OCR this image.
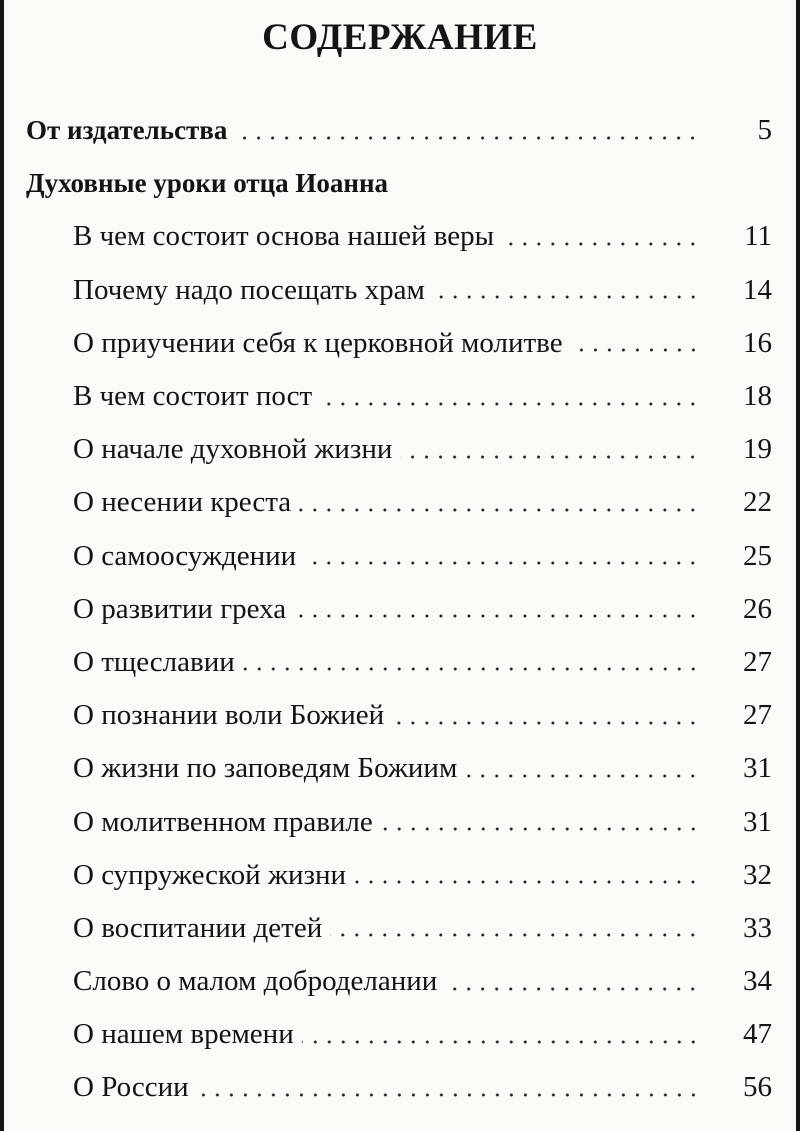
СОДЕРЖАНИЕ
От издательства	5
Духовные уроки отца Иоанна
В чем состоит основа нашей веры	11
Почему надо посещать храм	14
О приучении себя к церковной молитве	16
В чем состоит пост	18
О начале духовной жизни	19
О несении креста	22
О самоосуждении	25
О развитии греха	26
О тщеславии	27
О познании воли Божией	27
О жизни по заповедям Божиим	31
О молитвенном правиле	31
О супружеской жизни	32
О воспитании детей	33
Слово о малом доброделании	34
О нашем времени	47
О России	56
